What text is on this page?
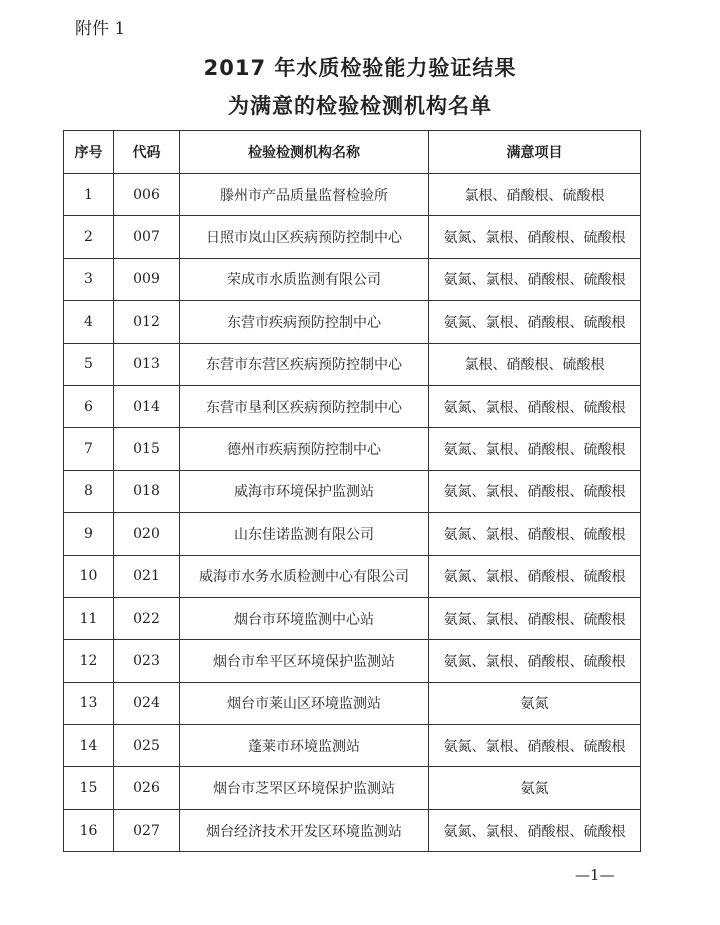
附件 1
2017 年水质检验能力验证结果
为满意的检验检测机构名单
序号	代码	检验检测机构名称	满意项目
1	006	滕州市产品质量监督检验所	氯根、硝酸根、硫酸根
2	007	日照市岚山区疾病预防控制中心	氨氮、氯根、硝酸根、硫酸根
3	009	荣成市水质监测有限公司	氨氮、氯根、硝酸根、硫酸根
4	012	东营市疾病预防控制中心	氨氮、氯根、硝酸根、硫酸根
5	013	东营市东营区疾病预防控制中心	氯根、硝酸根、硫酸根
6	014	东营市垦利区疾病预防控制中心	氨氮、氯根、硝酸根、硫酸根
7	015	德州市疾病预防控制中心	氨氮、氯根、硝酸根、硫酸根
8	018	威海市环境保护监测站	氨氮、氯根、硝酸根、硫酸根
9	020	山东佳诺监测有限公司	氨氮、氯根、硝酸根、硫酸根
10	021	威海市水务水质检测中心有限公司	氨氮、氯根、硝酸根、硫酸根
11	022	烟台市环境监测中心站	氨氮、氯根、硝酸根、硫酸根
12	023	烟台市牟平区环境保护监测站	氨氮、氯根、硝酸根、硫酸根
13	024	烟台市莱山区环境监测站	氨氮
14	025	蓬莱市环境监测站	氨氮、氯根、硝酸根、硫酸根
15	026	烟台市芝罘区环境保护监测站	氨氮
16	027	烟台经济技术开发区环境监测站	氨氮、氯根、硝酸根、硫酸根
—1—
